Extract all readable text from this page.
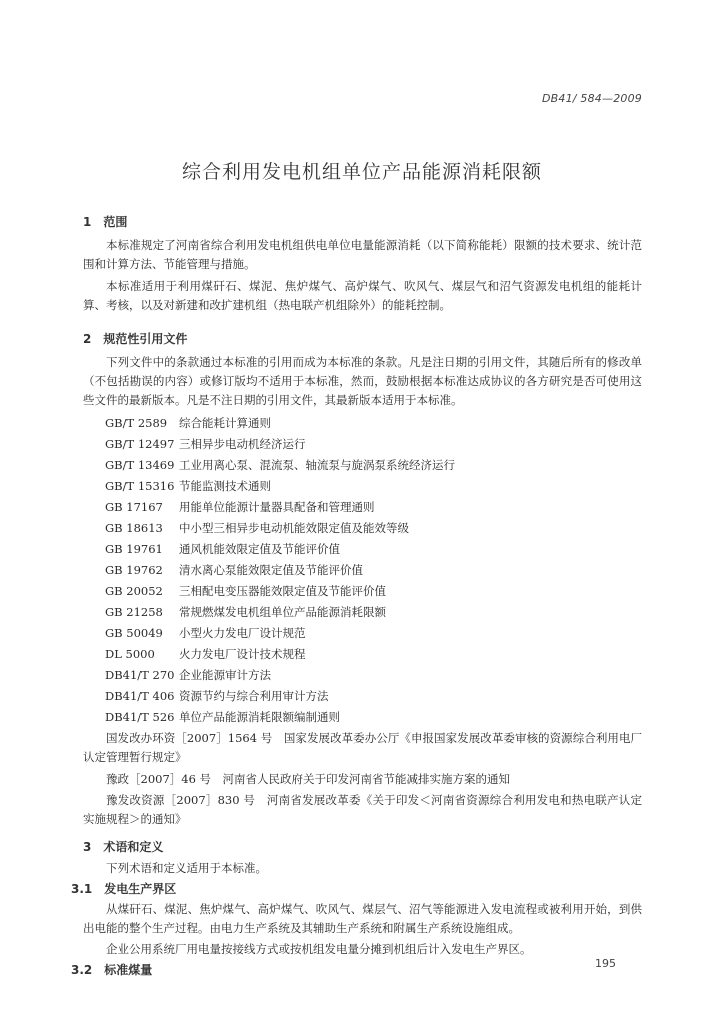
DB41/ 584—2009
综合利用发电机组单位产品能源消耗限额
1　范围
本标准规定了河南省综合利用发电机组供电单位电量能源消耗（以下简称能耗）限额的技术要求、统计范围和计算方法、节能管理与措施。
本标准适用于利用煤矸石、煤泥、焦炉煤气、高炉煤气、吹风气、煤层气和沼气资源发电机组的能耗计算、考核，以及对新建和改扩建机组（热电联产机组除外）的能耗控制。
2　规范性引用文件
下列文件中的条款通过本标准的引用而成为本标准的条款。凡是注日期的引用文件，其随后所有的修改单（不包括勘误的内容）或修订版均不适用于本标准，然而，鼓励根据本标准达成协议的各方研究是否可使用这些文件的最新版本。凡是不注日期的引用文件，其最新版本适用于本标准。
GB/T 2589 综合能耗计算通则
GB/T 12497 三相异步电动机经济运行
GB/T 13469 工业用离心泵、混流泵、轴流泵与旋涡泵系统经济运行
GB/T 15316 节能监测技术通则
GB 17167 用能单位能源计量器具配备和管理通则
GB 18613 中小型三相异步电动机能效限定值及能效等级
GB 19761 通风机能效限定值及节能评价值
GB 19762 清水离心泵能效限定值及节能评价值
GB 20052 三相配电变压器能效限定值及节能评价值
GB 21258 常规燃煤发电机组单位产品能源消耗限额
GB 50049 小型火力发电厂设计规范
DL 5000 火力发电厂设计技术规程
DB41/T 270 企业能源审计方法
DB41/T 406 资源节约与综合利用审计方法
DB41/T 526 单位产品能源消耗限额编制通则
国发改办环资［2007］1564 号　国家发展改革委办公厅《申报国家发展改革委审核的资源综合利用电厂认定管理暂行规定》
豫政［2007］46 号　河南省人民政府关于印发河南省节能减排实施方案的通知
豫发改资源［2007］830 号　河南省发展改革委《关于印发＜河南省资源综合利用发电和热电联产认定实施规程＞的通知》
3　术语和定义
下列术语和定义适用于本标准。
3.1　发电生产界区
从煤矸石、煤泥、焦炉煤气、高炉煤气、吹风气、煤层气、沼气等能源进入发电流程或被利用开始，到供出电能的整个生产过程。由电力生产系统及其辅助生产系统和附属生产系统设施组成。
企业公用系统厂用电量按接线方式或按机组发电量分摊到机组后计入发电生产界区。
3.2　标准煤量	195
